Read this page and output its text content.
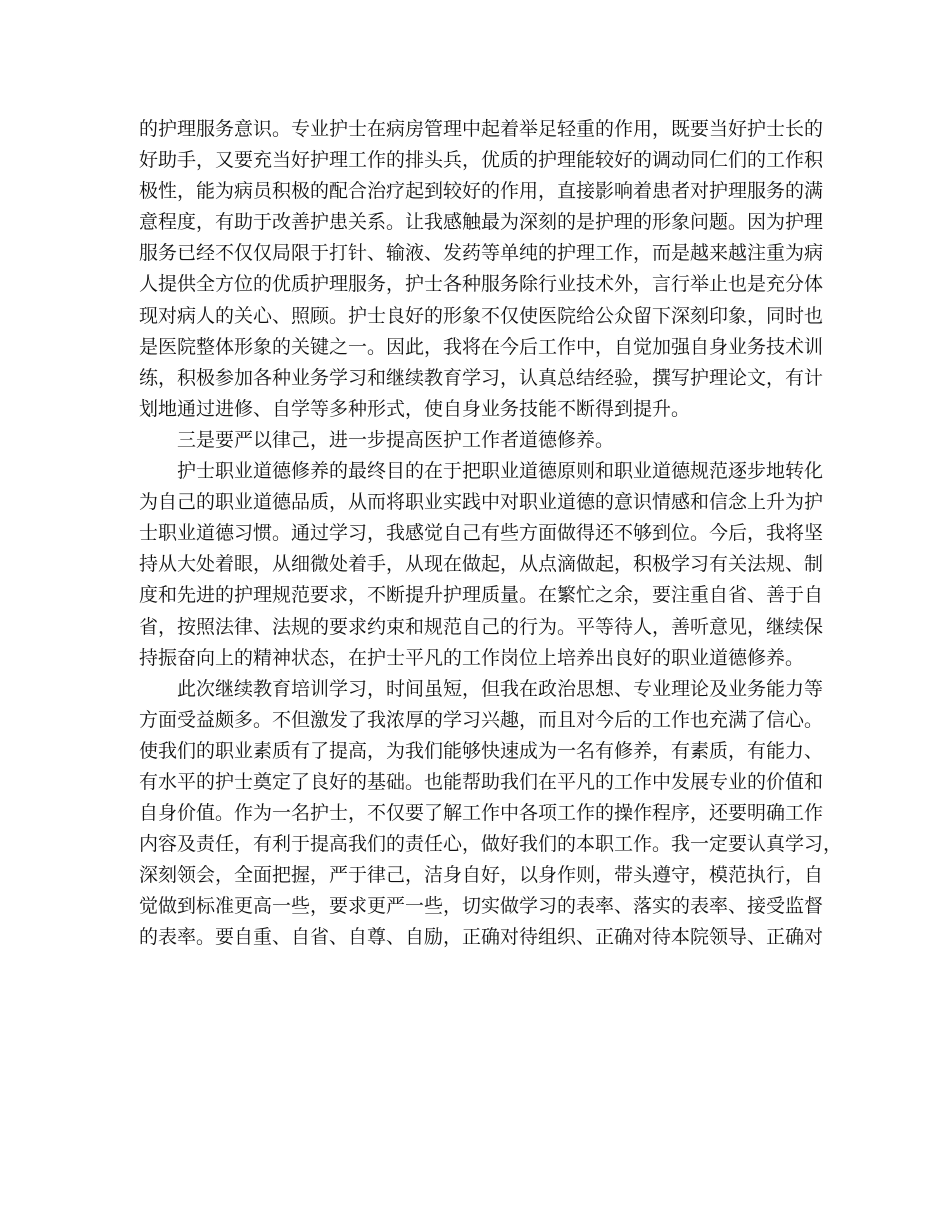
的护理服务意识。专业护士在病房管理中起着举足轻重的作用，既要当好护士长的
好助手，又要充当好护理工作的排头兵，优质的护理能较好的调动同仁们的工作积
极性，能为病员积极的配合治疗起到较好的作用，直接影响着患者对护理服务的满
意程度，有助于改善护患关系。让我感触最为深刻的是护理的形象问题。因为护理
服务已经不仅仅局限于打针、输液、发药等单纯的护理工作，而是越来越注重为病
人提供全方位的优质护理服务，护士各种服务除行业技术外，言行举止也是充分体
现对病人的关心、照顾。护士良好的形象不仅使医院给公众留下深刻印象，同时也
是医院整体形象的关键之一。因此，我将在今后工作中，自觉加强自身业务技术训
练，积极参加各种业务学习和继续教育学习，认真总结经验，撰写护理论文，有计
划地通过进修、自学等多种形式，使自身业务技能不断得到提升。
三是要严以律己，进一步提高医护工作者道德修养。
护士职业道德修养的最终目的在于把职业道德原则和职业道德规范逐步地转化
为自己的职业道德品质，从而将职业实践中对职业道德的意识情感和信念上升为护
士职业道德习惯。通过学习，我感觉自己有些方面做得还不够到位。今后，我将坚
持从大处着眼，从细微处着手，从现在做起，从点滴做起，积极学习有关法规、制
度和先进的护理规范要求，不断提升护理质量。在繁忙之余，要注重自省、善于自
省，按照法律、法规的要求约束和规范自己的行为。平等待人，善听意见，继续保
持振奋向上的精神状态，在护士平凡的工作岗位上培养出良好的职业道德修养。
此次继续教育培训学习，时间虽短，但我在政治思想、专业理论及业务能力等
方面受益颇多。不但激发了我浓厚的学习兴趣，而且对今后的工作也充满了信心。
使我们的职业素质有了提高，为我们能够快速成为一名有修养，有素质，有能力、
有水平的护士奠定了良好的基础。也能帮助我们在平凡的工作中发展专业的价值和
自身价值。作为一名护士，不仅要了解工作中各项工作的操作程序，还要明确工作
内容及责任，有利于提高我们的责任心，做好我们的本职工作。我一定要认真学习，
深刻领会，全面把握，严于律己，洁身自好，以身作则，带头遵守，模范执行，自
觉做到标准更高一些，要求更严一些，切实做学习的表率、落实的表率、接受监督
的表率。要自重、自省、自尊、自励，正确对待组织、正确对待本院领导、正确对
